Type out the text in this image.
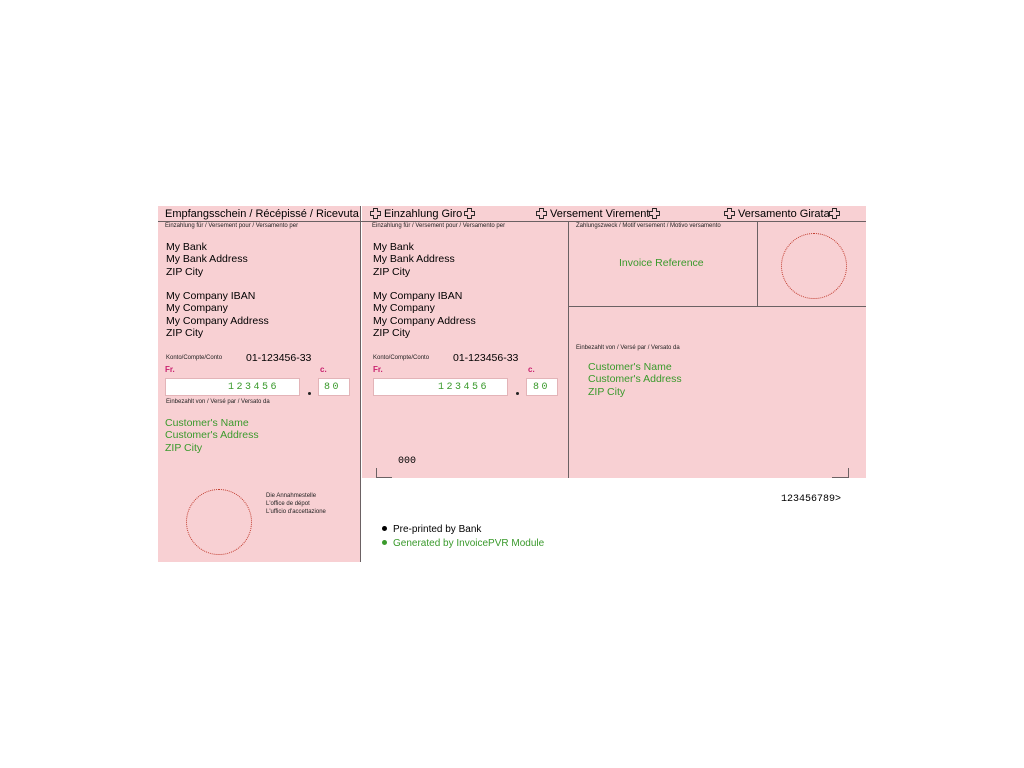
Empfangsschein / Récépissé / Ricevuta Einzahlung Giro	Versement Virement	Versamento Girata
Einzahlung für / Versement pour / Versamento per
My Bank
My Bank Address
ZIP City
My Company IBAN
My Company
My Company Address
ZIP City
Konto/Compte/Conto 01-123456-33
Fr.	c.
123456	80
Einbezahlt von / Versé par / Versato da
Customer's Name
Customer's Address
ZIP City
Die Annahmestelle
L'office de dépot
L'ufficio d'accettazione
Einzahlung für / Versement pour / Versamento per
My Bank
My Bank Address
ZIP City
My Company IBAN
My Company
My Company Address
ZIP City
Konto/Compte/Conto 01-123456-33
Fr.	c.
123456	80
000
Zahlungszweck / Motif versement / Motivo versamento
Invoice Reference
Einbezahlt von / Versé par / Versato da
Customer's Name
Customer's Address
ZIP City
123456789>
Pre-printed by Bank
Generated by InvoicePVR Module
